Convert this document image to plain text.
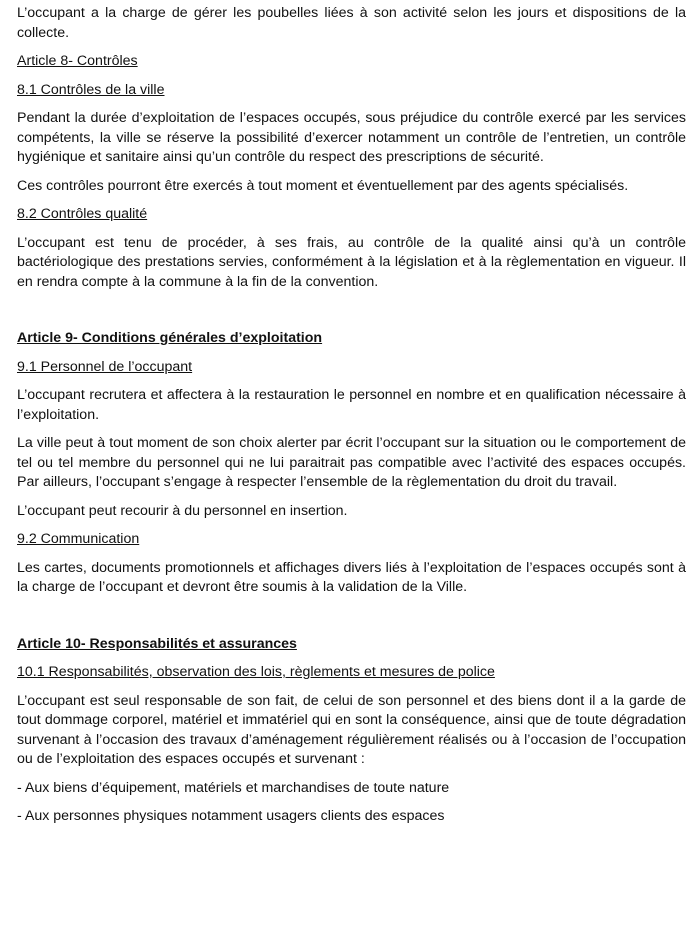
L’occupant a la charge de gérer les poubelles liées à son activité selon les jours et dispositions de la collecte.

Article 8- Contrôles

8.1 Contrôles de la ville

Pendant la durée d’exploitation de l’espaces occupés, sous préjudice du contrôle exercé par les services compétents, la ville se réserve la possibilité d’exercer notamment un contrôle de l’entretien, un contrôle hygiénique et sanitaire ainsi qu’un contrôle du respect des prescriptions de sécurité.

Ces contrôles pourront être exercés à tout moment et éventuellement par des agents spécialisés.

8.2 Contrôles qualité

L’occupant est tenu de procéder, à ses frais, au contrôle de la qualité ainsi qu’à un contrôle bactériologique des prestations servies, conformément à la législation et à la règlementation en vigueur. Il en rendra compte à la commune à la fin de la convention.

Article 9- Conditions générales d’exploitation

9.1 Personnel de l’occupant

L’occupant recrutera et affectera à la restauration le personnel en nombre et en qualification nécessaire à l’exploitation.

La ville peut à tout moment de son choix alerter par écrit l’occupant sur la situation ou le comportement de tel ou tel membre du personnel qui ne lui paraitrait pas compatible avec l’activité des espaces occupés. Par ailleurs, l’occupant s’engage à respecter l’ensemble de la règlementation du droit du travail.

L’occupant peut recourir à du personnel en insertion.

9.2 Communication

Les cartes, documents promotionnels et affichages divers liés à l’exploitation de l’espaces occupés sont à la charge de l’occupant et devront être soumis à la validation de la Ville.

Article 10- Responsabilités et assurances

10.1 Responsabilités, observation des lois, règlements et mesures de police

L’occupant est seul responsable de son fait, de celui de son personnel et des biens dont il a la garde de tout dommage corporel, matériel et immatériel qui en sont la conséquence, ainsi que de toute dégradation survenant à l’occasion des travaux d’aménagement régulièrement réalisés ou à l’occasion de l’occupation ou de l’exploitation des espaces occupés et survenant :

- Aux biens d’équipement, matériels et marchandises de toute nature

- Aux personnes physiques notamment usagers clients des espaces
